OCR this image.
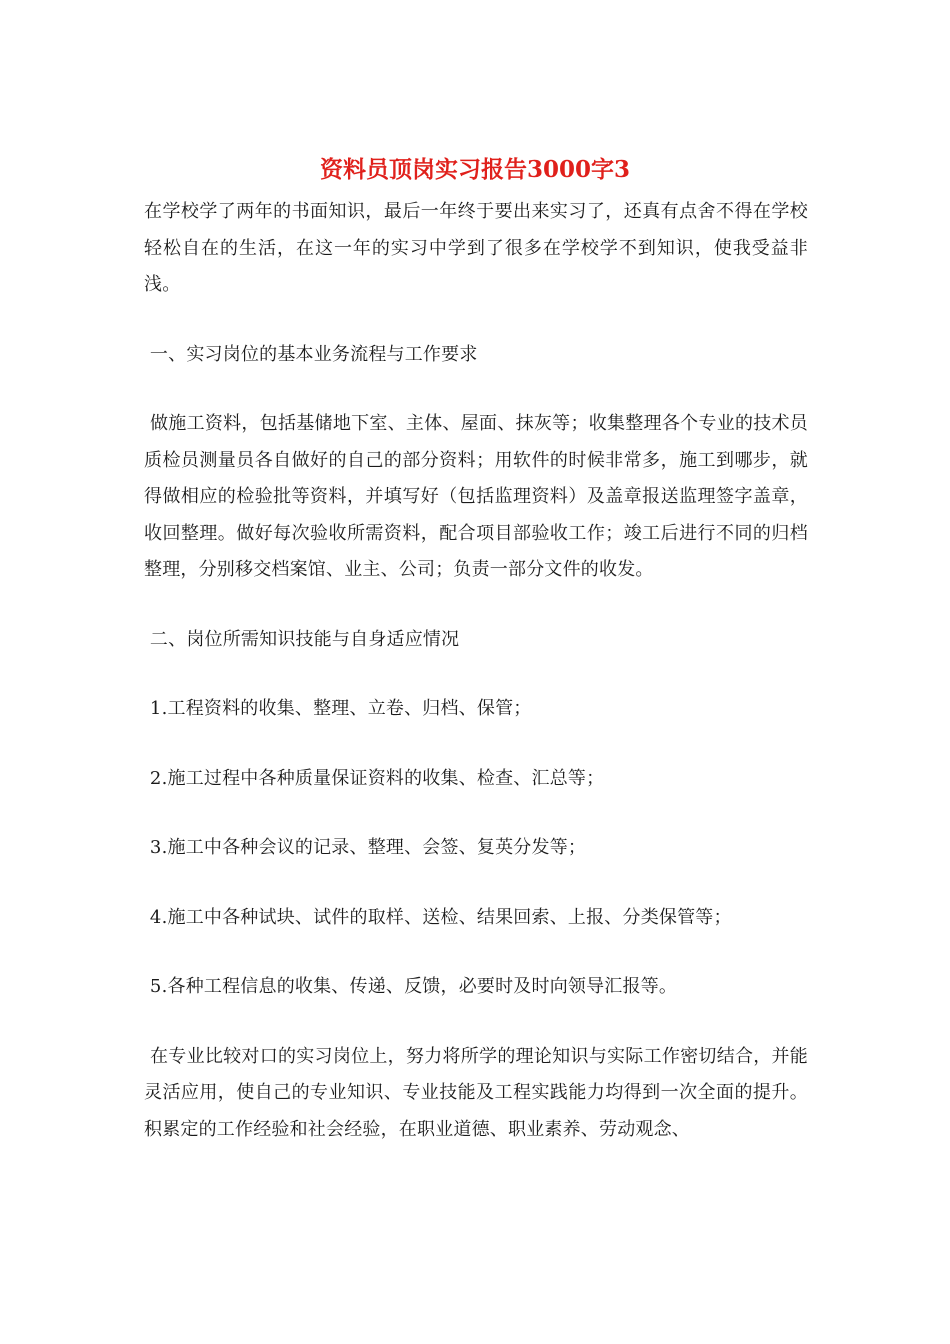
资料员顶岗实习报告3000字3

在学校学了两年的书面知识，最后一年终于要出来实习了，还真有点舍不得在学校轻松自在的生活，在这一年的实习中学到了很多在学校学不到知识，使我受益非浅。

一、实习岗位的基本业务流程与工作要求

做施工资料，包括基储地下室、主体、屋面、抹灰等；收集整理各个专业的技术员质检员测量员各自做好的自己的部分资料；用软件的时候非常多，施工到哪步，就得做相应的检验批等资料，并填写好（包括监理资料）及盖章报送监理签字盖章，收回整理。做好每次验收所需资料，配合项目部验收工作；竣工后进行不同的归档整理，分别移交档案馆、业主、公司；负责一部分文件的收发。

二、岗位所需知识技能与自身适应情况

1.工程资料的收集、整理、立卷、归档、保管；

2.施工过程中各种质量保证资料的收集、检查、汇总等；

3.施工中各种会议的记录、整理、会签、复英分发等；

4.施工中各种试块、试件的取样、送检、结果回索、上报、分类保管等；

5.各种工程信息的收集、传递、反馈，必要时及时向领导汇报等。

在专业比较对口的实习岗位上，努力将所学的理论知识与实际工作密切结合，并能灵活应用，使自己的专业知识、专业技能及工程实践能力均得到一次全面的提升。积累定的工作经验和社会经验，在职业道德、职业素养、劳动观念、
